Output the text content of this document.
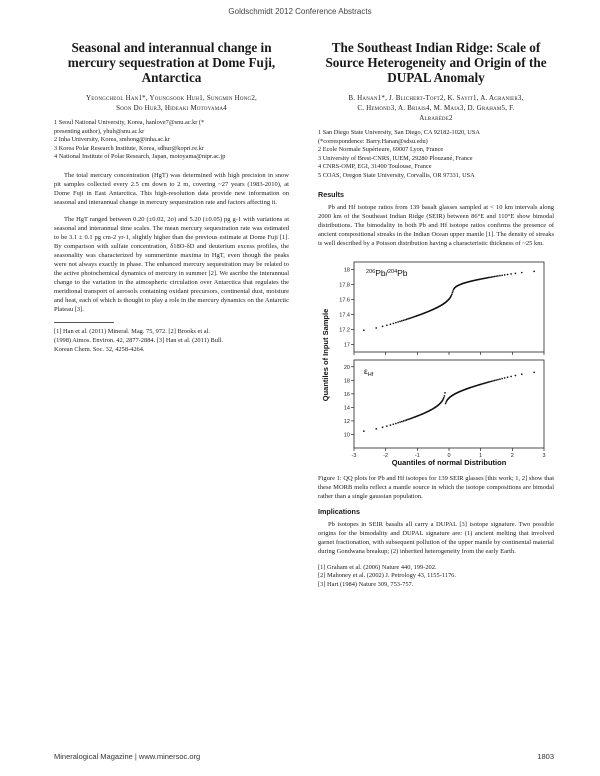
Goldschmidt 2012 Conference Abstracts
Seasonal and interannual change in mercury sequestration at Dome Fuji, Antarctica
Yeongcheol Han1*, Youngsook Huh1, Sungmin Hong2,
Soon Do Hur3, Hideaki Motoyama4
1 Seoul National University, Korea, hanlove7@snu.ac.kr (*
presenting author), yhuh@snu.ac.kr
2 Inha University, Korea, smhong@inha.ac.kr
3 Korea Polar Research Institute, Korea, sdhur@kopri.re.kr
4 National Institute of Polar Research, Japan, motoyama@nipr.ac.jp

The total mercury concentration (HgT) was determined with high precision in snow pit samples collected every 2.5 cm down to 2 m, covering ~27 years (1983-2010), at Dome Fuji in East Antarctica. This high-resolution data provide new information on seasonal and interannual change in mercury sequestration rate and factors affecting it.

The HgT ranged between 0.20 (±0.02, 2σ) and 5.20 (±0.05) pg g-1 with variations at seasonal and interannual time scales. The mean mercury sequestration rate was estimated to be 3.1 ± 0.1 pg cm-2 yr-1, slightly higher than the previous estimate at Dome Fuji [1]. By comparison with sulfate concentration, δ18O-δD and deuterium excess profiles, the seasonality was characterized by summertime maxima in HgT, even though the peaks were not always exactly in phase. The enhanced mercury sequestration may be related to the active photochemical dynamics of mercury in summer [2]. We ascribe the interannual change to the variation in the atmospheric circulation over Antarctica that regulates the meridional transport of aerosols containing oxidant precursors, continental dust, moisture and heat, each of which is thought to play a role in the mercury dynamics on the Antarctic Plateau [3].

[1] Han et al. (2011) Mineral. Mag. 75, 972. [2] Brooks et al.
(1998) Atmos. Environ. 42, 2877-2884. [3] Han et al. (2011) Bull.
Korean Chem. Soc. 32, 4258-4264.
The Southeast Indian Ridge: Scale of Source Heterogeneity and Origin of the DUPAL Anomaly
B. Hanan1*, J. Blichert-Toft2, K. Sayit1, A. Agranier3,
C. Hemond3, A. Briais4, M. Maia3, D. Graham5, F.
Albarède2
1 San Diego State University, San Diego, CA 92182-1020, USA
(*correspondence: Barry.Hanan@sdsu.edu)
2 Ecole Normale Supérieure, 69007 Lyon, France
3 University of Brest-CNRS, IUEM, 29280 Plouzané, France
4 CNRS-OMP, EGI, 31400 Toulouse, France
5 COAS, Oregon State University, Corvallis, OR 97331, USA
Results

Pb and Hf isotope ratios from 139 basalt glasses sampled at < 10 km intervals along 2000 km of the Southeast Indian Ridge (SEIR) between 86°E and 110°E show bimodal distributions. The bimodality in both Pb and Hf isotope ratios confirms the presence of ancient compositional streaks in the Indian Ocean upper mantle [1]. The density of streaks is well described by a Poisson distribution having a characteristic thickness of ~25 km.

18
17.8
17.6
17.4
17.2
17
$^{206}$Pb/$^{204}$Pb
20
18
16
14
12
10
-3	-2	-1	0	1	2	3
$\varepsilon_{Hf}$
Quantiles of normal Distribution
Quantiles of Input Sample

Figure 1: QQ plots for Pb and Hf isotopes for 139 SEIR glasses [this work; 1, 2] show that these MORB melts reflect a mantle source in which the isotope compositions are bimodal rather than a single gaussian population.

Implications

Pb isotopes in SEIR basalts all carry a DUPAL [3] isotope signature. Two possible origins for the bimodality and DUPAL signature are: (1) ancient melting that involved garnet fractionation, with subsequent pollution of the upper mantle by continental material during Gondwana breakup; (2) inherited heterogeneity from the early Earth.

[1] Graham et al. (2006) Nature 440, 199-202.
[2] Mahoney et al. (2002) J. Petrology 43, 1155-1176.
[3] Hart (1984) Nature 309, 753-757.
Mineralogical Magazine | www.minersoc.org	1803
